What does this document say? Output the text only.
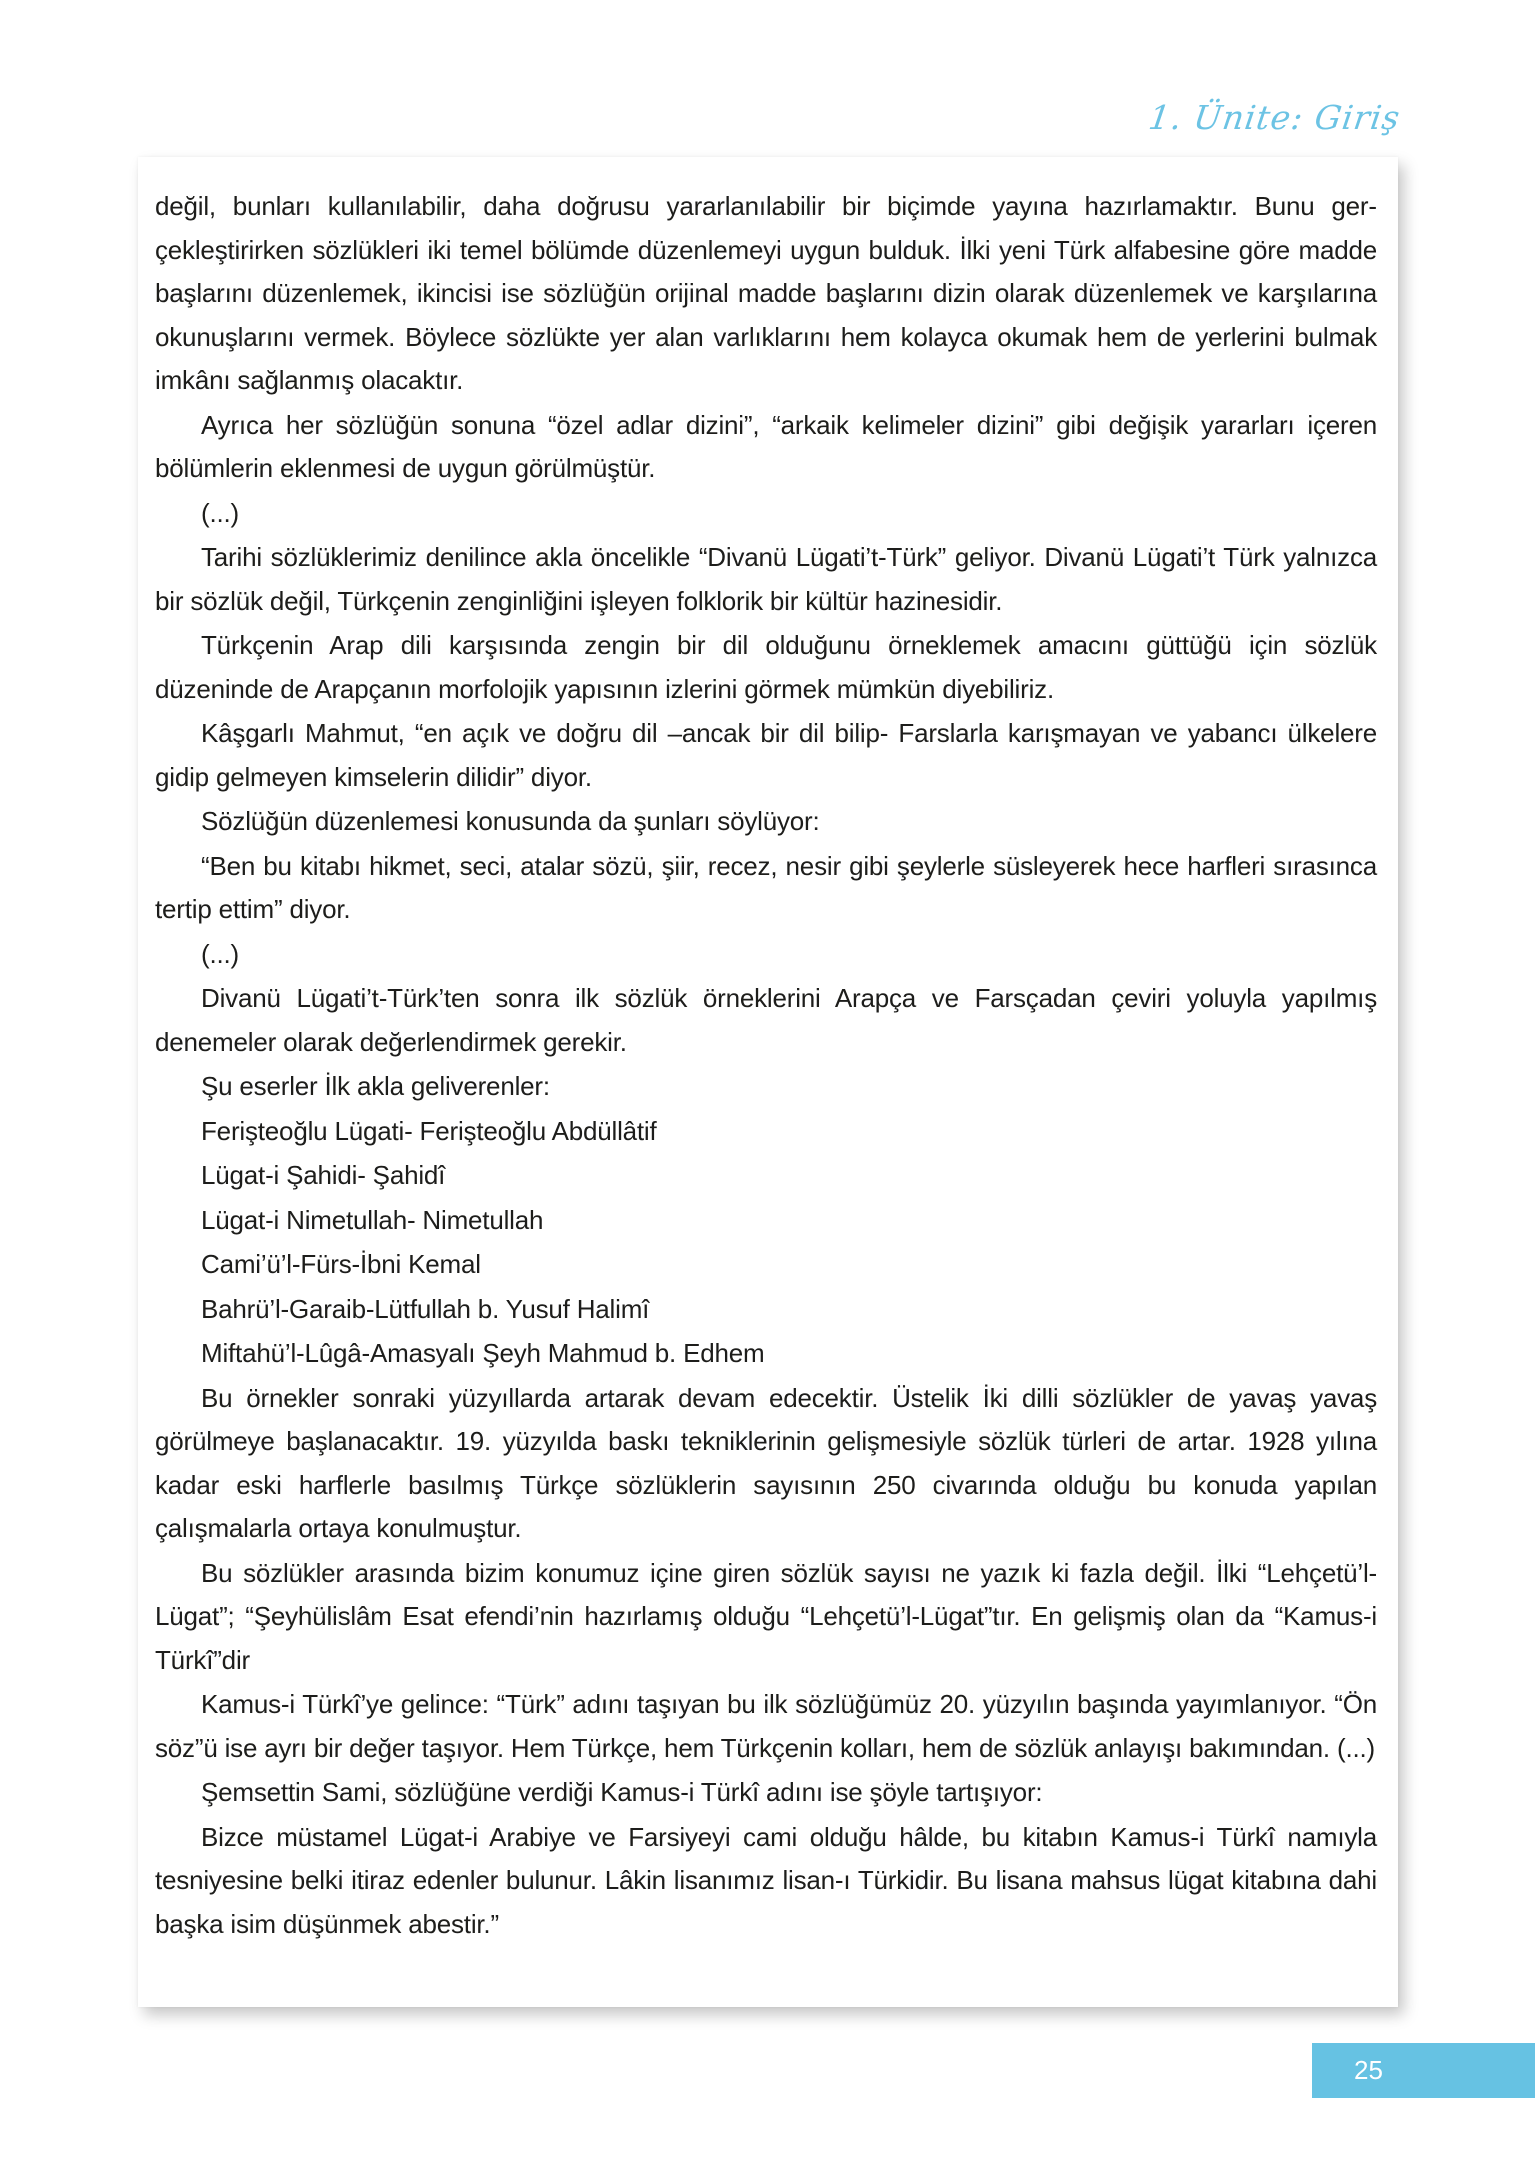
1. Ünite: Giriş

değil, bunları kullanılabilir, daha doğrusu yararlanılabilir bir biçimde yayına hazırlamaktır. Bunu gerçekleştirirken sözlükleri iki temel bölümde düzenlemeyi uygun bulduk. İlki yeni Türk alfabesine göre madde başlarını düzenlemek, ikincisi ise sözlüğün orijinal madde başlarını dizin olarak düzenlemek ve karşılarına okunuşlarını vermek. Böylece sözlükte yer alan varlıklarını hem kolayca okumak hem de yerlerini bulmak imkânı sağlanmış olacaktır.

Ayrıca her sözlüğün sonuna “özel adlar dizini”, “arkaik kelimeler dizini” gibi değişik yararları içeren bölümlerin eklenmesi de uygun görülmüştür.

(...)

Tarihi sözlüklerimiz denilince akla öncelikle “Divanü Lügati’t-Türk” geliyor. Divanü Lügati’t Türk yalnızca bir sözlük değil, Türkçenin zenginliğini işleyen folklorik bir kültür hazinesidir.

Türkçenin Arap dili karşısında zengin bir dil olduğunu örneklemek amacını güttüğü için sözlük düzeninde de Arapçanın morfolojik yapısının izlerini görmek mümkün diyebiliriz.

Kâşgarlı Mahmut, “en açık ve doğru dil –ancak bir dil bilip- Farslarla karışmayan ve yabancı ülkelere gidip gelmeyen kimselerin dilidir” diyor.

Sözlüğün düzenlemesi konusunda da şunları söylüyor:

“Ben bu kitabı hikmet, seci, atalar sözü, şiir, recez, nesir gibi şeylerle süsleyerek hece harfleri sırasınca tertip ettim” diyor.

(...)

Divanü Lügati’t-Türk’ten sonra ilk sözlük örneklerini Arapça ve Farsçadan çeviri yoluyla yapılmış denemeler olarak değerlendirmek gerekir.

Şu eserler İlk akla geliverenler:

Ferişteoğlu Lügati- Ferişteoğlu Abdüllâtif

Lügat-i Şahidi- Şahidî

Lügat-i Nimetullah- Nimetullah

Cami’ü’l-Fürs-İbni Kemal

Bahrü’l-Garaib-Lütfullah b. Yusuf Halimî

Miftahü’l-Lûgâ-Amasyalı Şeyh Mahmud b. Edhem

Bu örnekler sonraki yüzyıllarda artarak devam edecektir. Üstelik İki dilli sözlükler de yavaş yavaş görülmeye başlanacaktır. 19. yüzyılda baskı tekniklerinin gelişmesiyle sözlük türleri de artar. 1928 yılına kadar eski harflerle basılmış Türkçe sözlüklerin sayısının 250 civarında olduğu bu konuda yapılan çalışmalarla ortaya konulmuştur.

Bu sözlükler arasında bizim konumuz içine giren sözlük sayısı ne yazık ki fazla değil. İlki “Lehçetü’l-Lügat”; “Şeyhülislâm Esat efendi’nin hazırlamış olduğu “Lehçetü’l-Lügat”tır. En gelişmiş olan da “Kamus-i Türkî”dir

Kamus-i Türkî’ye gelince: “Türk” adını taşıyan bu ilk sözlüğümüz 20. yüzyılın başında yayımlanıyor. “Ön söz”ü ise ayrı bir değer taşıyor. Hem Türkçe, hem Türkçenin kolları, hem de sözlük anlayışı bakımından. (...)

Şemsettin Sami, sözlüğüne verdiği Kamus-i Türkî adını ise şöyle tartışıyor:

Bizce müstamel Lügat-i Arabiye ve Farsiyeyi cami olduğu hâlde, bu kitabın Kamus-i Türkî namıyla tesniyesine belki itiraz edenler bulunur. Lâkin lisanımız lisan-ı Türkidir. Bu lisana mahsus lügat kitabına dahi başka isim düşünmek abestir.”

25
